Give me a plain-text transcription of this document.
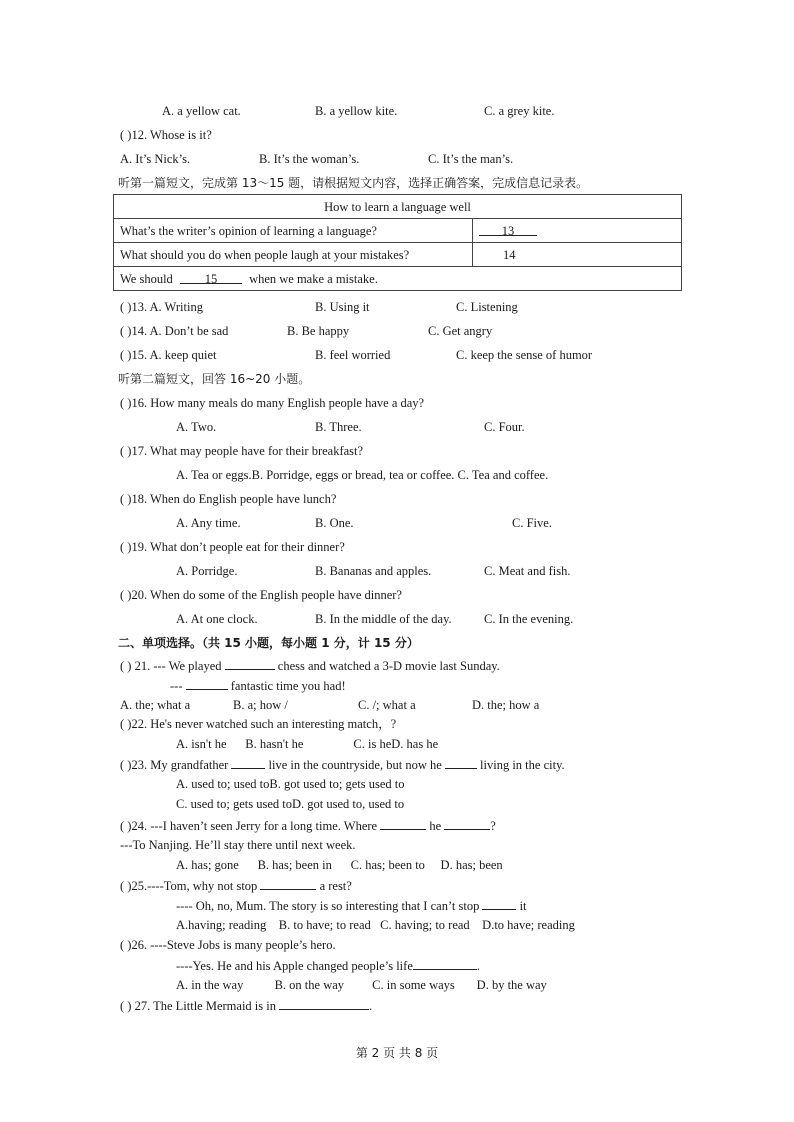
A. a yellow cat.	B. a yellow kite.	C. a grey kite.
( )12. Whose is it?
A. It’s Nick’s.	B. It’s the woman’s.	C. It’s the man’s.
听第一篇短文，完成第 13～15 题，请根据短文内容，选择正确答案，完成信息记录表。
How to learn a language well	
What’s the writer’s opinion of learning a language?	13
What should you do when people laugh at your mistakes?	14
We should 15 when we make a mistake.	
( )13. A. Writing	B. Using it	C. Listening
( )14. A. Don’t be sad	B. Be happy	C. Get angry
( )15. A. keep quiet	B. feel worried	C. keep the sense of humor
听第二篇短文，回答 16~20 小题。
( )16. How many meals do many English people have a day?
A. Two.	B. Three.	C. Four.
( )17. What may people have for their breakfast?
A. Tea or eggs.B. Porridge, eggs or bread, tea or coffee. C. Tea and coffee.
( )18. When do English people have lunch?
A. Any time.	B. One.	C. Five.
( )19. What don’t people eat for their dinner?
A. Porridge.	B. Bananas and apples.	C. Meat and fish.
( )20. When do some of the English people have dinner?
A. At one clock.	B. In the middle of the day.	C. In the evening.
二、单项选择。（共 15 小题，每小题 1 分，计 15 分）
( ) 21. --- We played	chess and watched a 3-D movie last Sunday.
---	fantastic time you had!
A. the; what a	B. a; how /	C. /; what a	D. the; how a
( )22. He's never watched such an interesting match，?
A. isn't he      B. hasn't he                C. is heD. has he
( )23. My grandfather	live in the countryside, but now he	living in the city.
A. used to; used toB. got used to; gets used to
C. used to; gets used toD. got used to, used to
( )24. ---I haven’t seen Jerry for a long time. Where	he	?
---To Nanjing. He’ll stay there until next week.
A. has; gone      B. has; been in      C. has; been to     D. has; been
( )25.----Tom, why not stop	a rest?
---- Oh, no, Mum. The story is so interesting that I can’t stop	it
A.having; reading    B. to have; to read   C. having; to read    D.to have; reading
( )26. ----Steve Jobs is many people’s hero.
----Yes. He and his Apple changed people’s life	.
A. in the way          B. on the way         C. in some ways       D. by the way
( ) 27. The Little Mermaid is in	.
第 2 页 共 8 页
